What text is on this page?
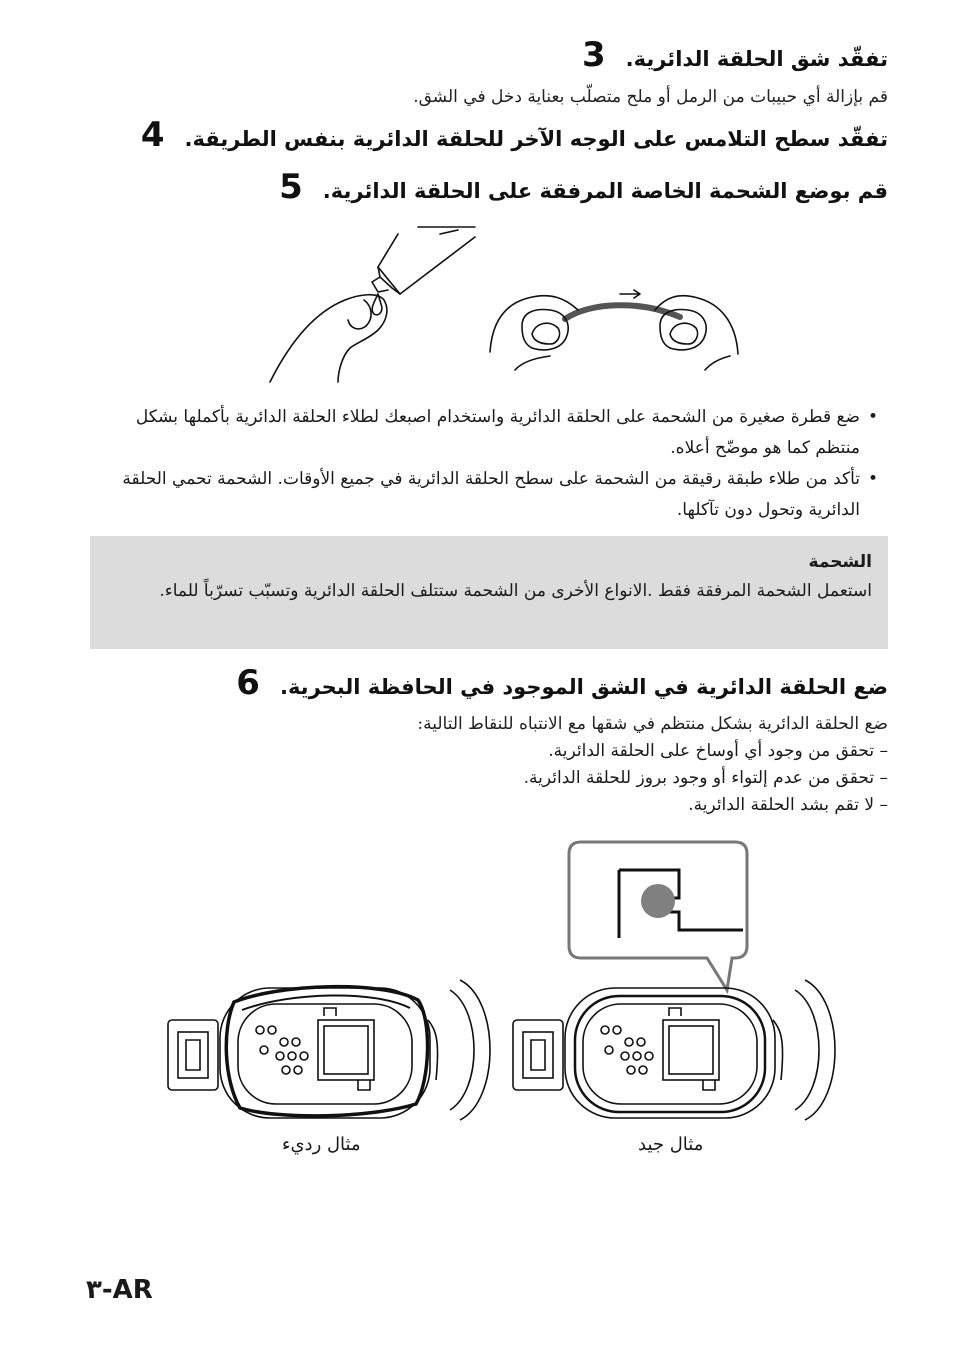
3 تفقّد شق الحلقة الدائرية.
قم بإزالة أي حبيبات من الرمل أو ملح متصلّب بعناية دخل في الشق.
4 تفقّد سطح التلامس على الوجه الآخر للحلقة الدائرية بنفس الطريقة.
5 قم بوضع الشحمة الخاصة المرفقة على الحلقة الدائرية.
• ضع قطرة صغيرة من الشحمة على الحلقة الدائرية واستخدام اصبعك لطلاء الحلقة الدائرية بأكملها بشكل منتظم كما هو موضّح أعلاه.
• تأكد من طلاء طبقة رقيقة من الشحمة على سطح الحلقة الدائرية في جميع الأوقات. الشحمة تحمي الحلقة الدائرية وتحول دون تآكلها.
الشحمة
استعمل الشحمة المرفقة فقط .الانواع الأخرى من الشحمة ستتلف الحلقة الدائرية وتسبّب تسرّباً للماء.
6 ضع الحلقة الدائرية في الشق الموجود في الحافظة البحرية.
ضع الحلقة الدائرية بشكل منتظم في شقها مع الانتباه للنقاط التالية:
– تحقق من وجود أي أوساخ على الحلقة الدائرية.
– تحقق من عدم إلتواء أو وجود بروز للحلقة الدائرية.
– لا تقم بشد الحلقة الدائرية.
مثال جيد
مثال رديء
٣-AR
